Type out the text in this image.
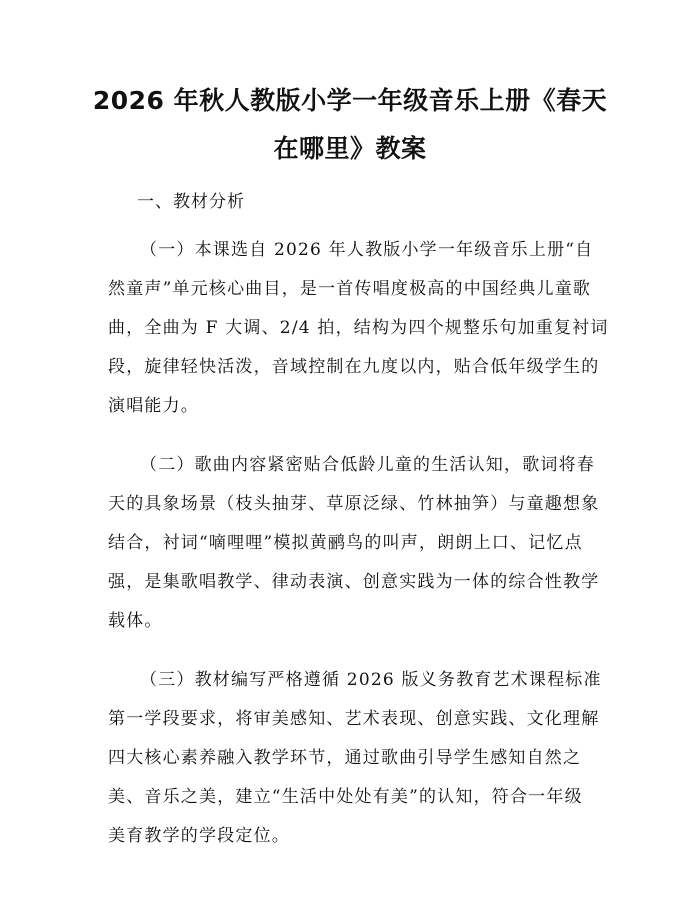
2026 年秋人教版小学一年级音乐上册《春天
在哪里》教案
一、教材分析
（一）本课选自 2026 年人教版小学一年级音乐上册“自
然童声”单元核心曲目，是一首传唱度极高的中国经典儿童歌
曲，全曲为 F 大调、2/4 拍，结构为四个规整乐句加重复衬词
段，旋律轻快活泼，音域控制在九度以内，贴合低年级学生的
演唱能力。
（二）歌曲内容紧密贴合低龄儿童的生活认知，歌词将春
天的具象场景（枝头抽芽、草原泛绿、竹林抽笋）与童趣想象
结合，衬词“嘀哩哩”模拟黄鹂鸟的叫声，朗朗上口、记忆点
强，是集歌唱教学、律动表演、创意实践为一体的综合性教学
载体。
（三）教材编写严格遵循 2026 版义务教育艺术课程标准
第一学段要求，将审美感知、艺术表现、创意实践、文化理解
四大核心素养融入教学环节，通过歌曲引导学生感知自然之
美、音乐之美，建立“生活中处处有美”的认知，符合一年级
美育教学的学段定位。
